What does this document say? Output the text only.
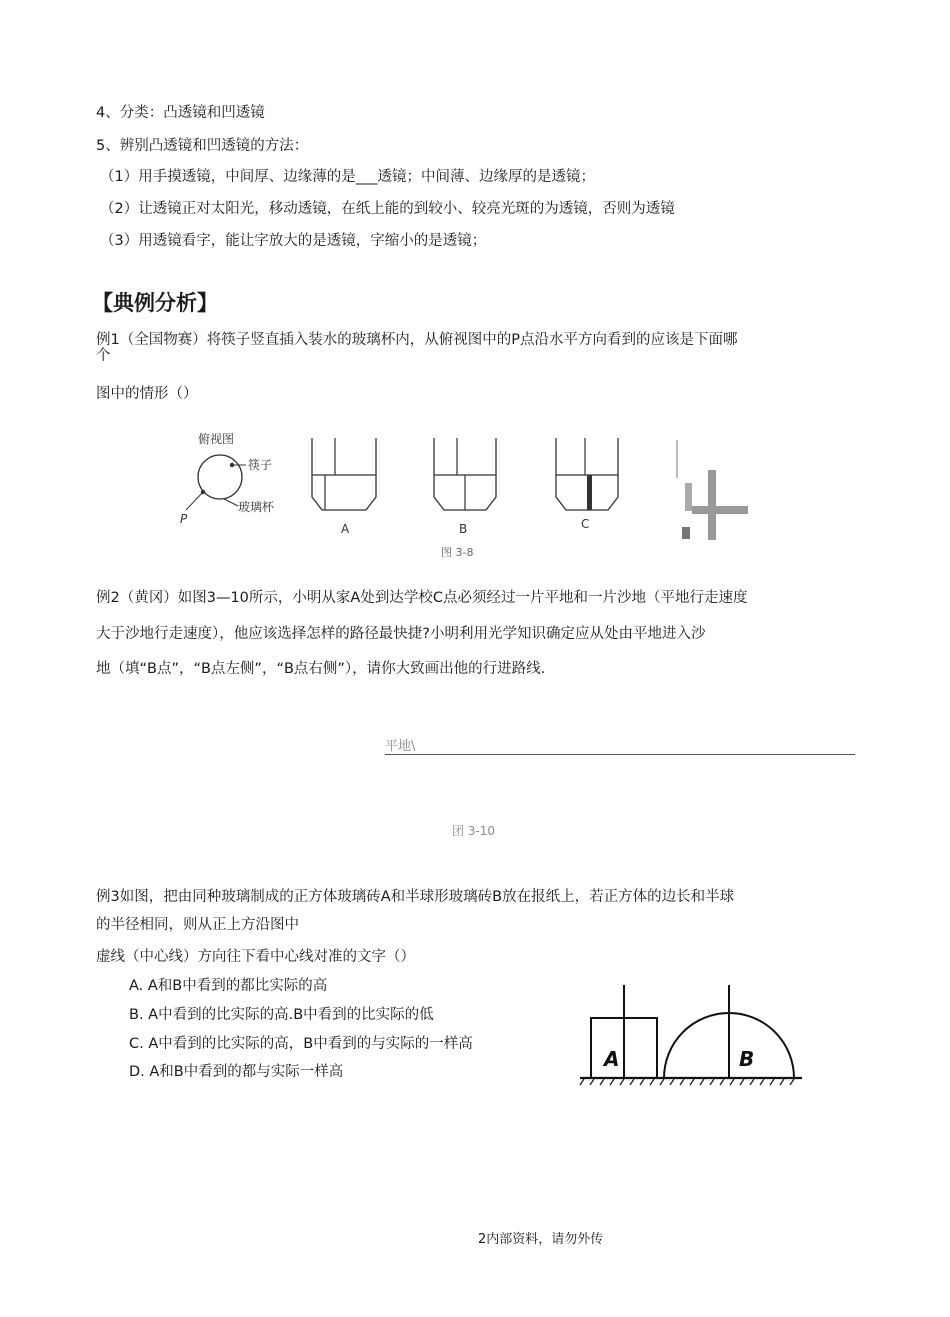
4、分类：凸透镜和凹透镜
5、辨别凸透镜和凹透镜的方法：
（1）用手摸透镜，中间厚、边缘薄的是___透镜；中间薄、边缘厚的是透镜；
（2）让透镜正对太阳光，移动透镜，在纸上能的到较小、较亮光斑的为透镜，否则为透镜
（3）用透镜看字，能让字放大的是透镜，字缩小的是透镜；
【典例分析】
例1（全国物赛）将筷子竖直插入装水的玻璃杯内，从俯视图中的P点沿水平方向看到的应该是下面哪
个
图中的情形（）
俯视图
筷子
P
玻璃杯
A	B	C
图 3-8
例2（黄冈）如图3—10所示，小明从家A处到达学校C点必须经过一片平地和一片沙地（平地行走速度
大于沙地行走速度），他应该选择怎样的路径最快捷?小明利用光学知识确定应从处由平地进入沙
地（填“B点”，“B点左侧”，“B点右侧”），请你大致画出他的行进路线.
平地\
团 3-10
例3如图，把由同种玻璃制成的正方体玻璃砖A和半球形玻璃砖B放在报纸上，若正方体的边长和半球
的半径相同，则从正上方沿图中
虚线（中心线）方向往下看中心线对准的文字（）
A. A和B中看到的都比实际的高
B. A中看到的比实际的高.B中看到的比实际的低
C. A中看到的比实际的高，B中看到的与实际的一样高
D. A和B中看到的都与实际一样高
A	B
2内部资料，请勿外传
